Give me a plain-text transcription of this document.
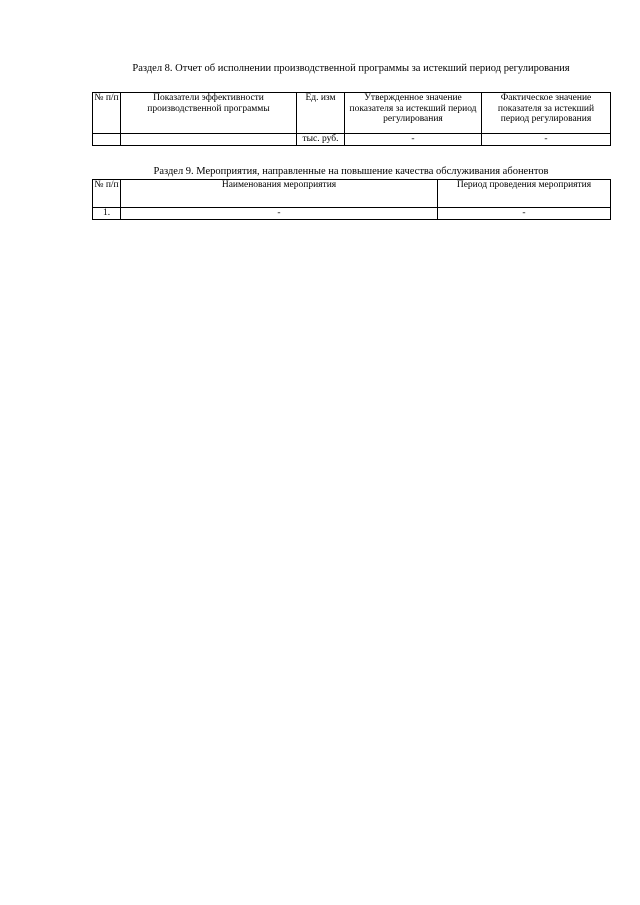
Раздел 8. Отчет об исполнении производственной программы за истекший период регулирования
№ п/п	Показатели эффективности производственной программы	Ед. изм	Утвержденное значение показателя за истекший период регулирования	Фактическое значение показателя за истекший период регулирования
		тыс. руб.	-	-
Раздел 9. Мероприятия, направленные на повышение качества обслуживания абонентов
№ п/п	Наименования мероприятия	Период проведения мероприятия
1.	-	-
